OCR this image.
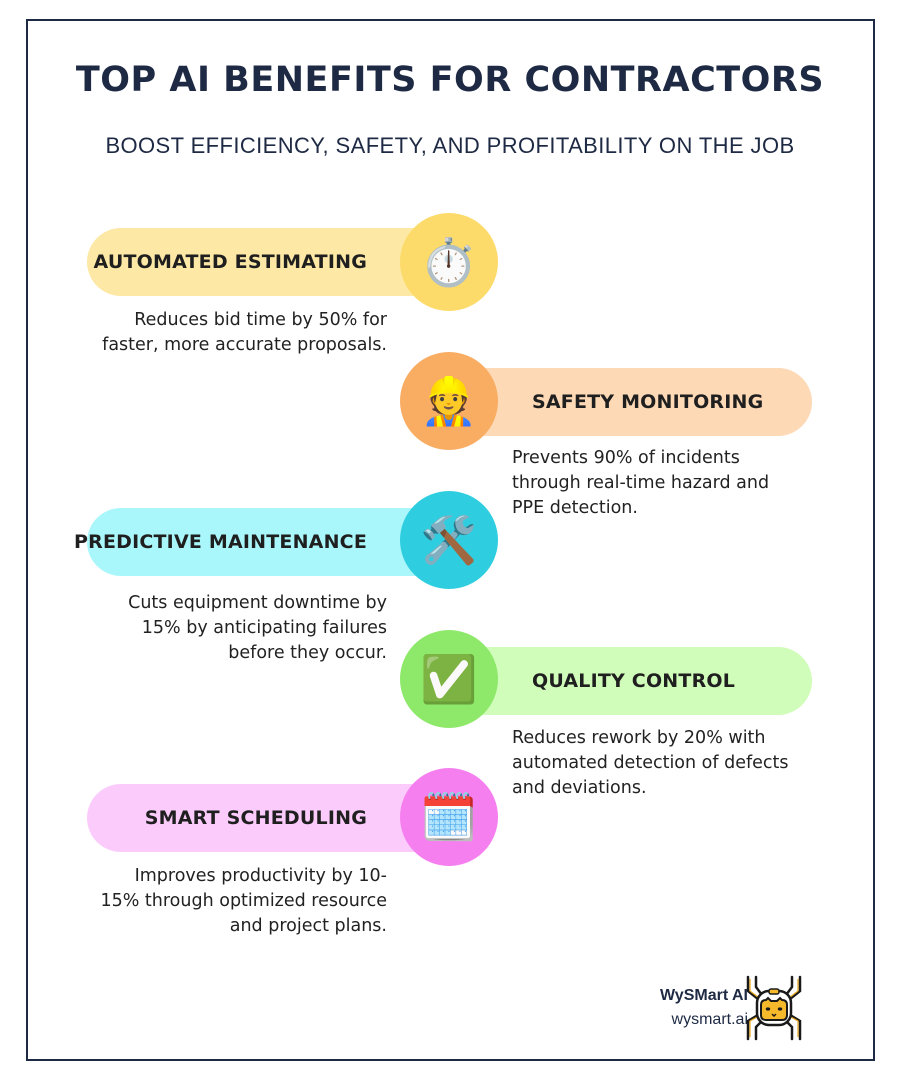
TOP AI BENEFITS FOR CONTRACTORS
BOOST EFFICIENCY, SAFETY, AND PROFITABILITY ON THE JOB
AUTOMATED ESTIMATING ⏱️
Reduces bid time by 50% for faster, more accurate proposals.
SAFETY MONITORING
👷
Prevents 90% of incidents through real-time hazard and PPE detection.
PREDICTIVE MAINTENANCE 🛠️
Cuts equipment downtime by 15% by anticipating failures before they occur.
QUALITY CONTROL
✅
Reduces rework by 20% with automated detection of defects and deviations.
SMART SCHEDULING 🗓️
Improves productivity by 10-15% through optimized resource and project plans.
WySMart AI
wysmart.ai
